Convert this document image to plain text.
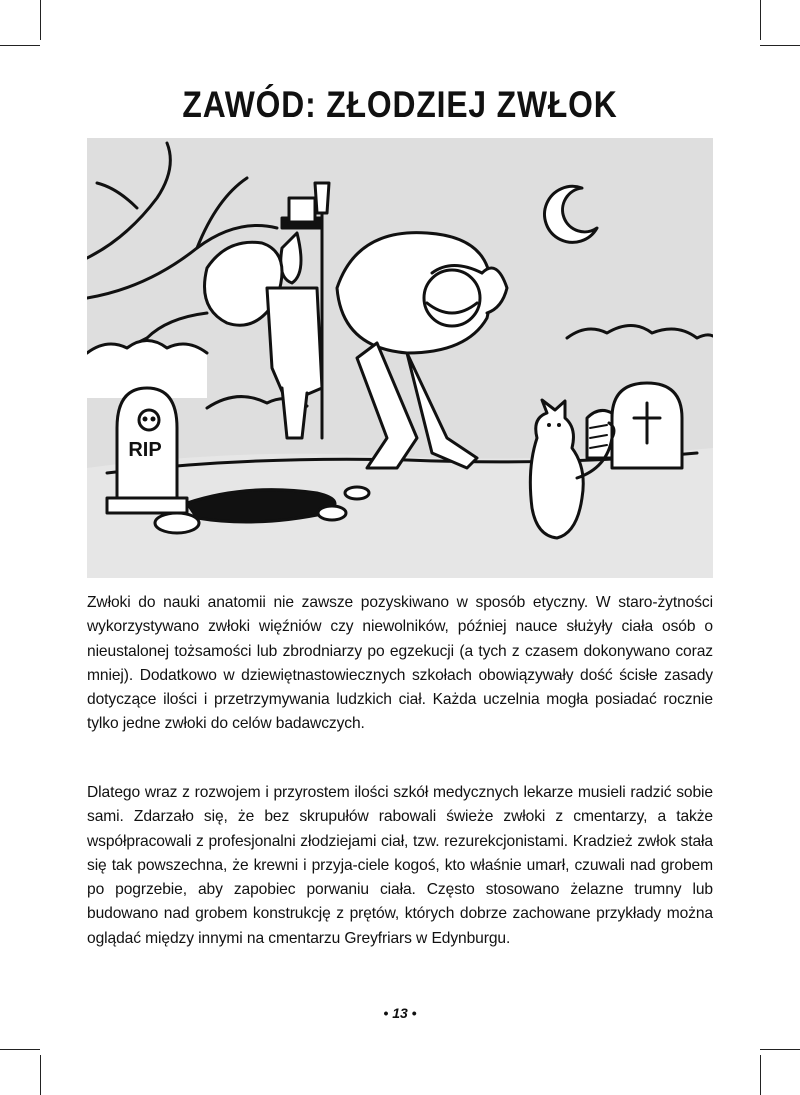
ZAWÓD: ZŁODZIEJ ZWŁOK
RIP
Zwłoki do nauki anatomii nie zawsze pozyskiwano w sposób etyczny. W staro-żytności wykorzystywano zwłoki więźniów czy niewolników, później nauce służyły ciała osób o nieustalonej tożsamości lub zbrodniarzy po egzekucji (a tych z czasem dokonywano coraz mniej). Dodatkowo w dziewiętnastowiecznych szkołach obowiązywały dość ścisłe zasady dotyczące ilości i przetrzymywania ludzkich ciał. Każda uczelnia mogła posiadać rocznie tylko jedne zwłoki do celów badawczych.
Dlatego wraz z rozwojem i przyrostem ilości szkół medycznych lekarze musieli radzić sobie sami. Zdarzało się, że bez skrupułów rabowali świeże zwłoki z cmentarzy, a także współpracowali z profesjonalni złodziejami ciał, tzw. rezurekcjonistami. Kradzież zwłok stała się tak powszechna, że krewni i przyja-ciele kogoś, kto właśnie umarł, czuwali nad grobem po pogrzebie, aby zapobiec porwaniu ciała. Często stosowano żelazne trumny lub budowano nad grobem konstrukcję z prętów, których dobrze zachowane przykłady można oglądać między innymi na cmentarzu Greyfriars w Edynburgu.
• 13 •
